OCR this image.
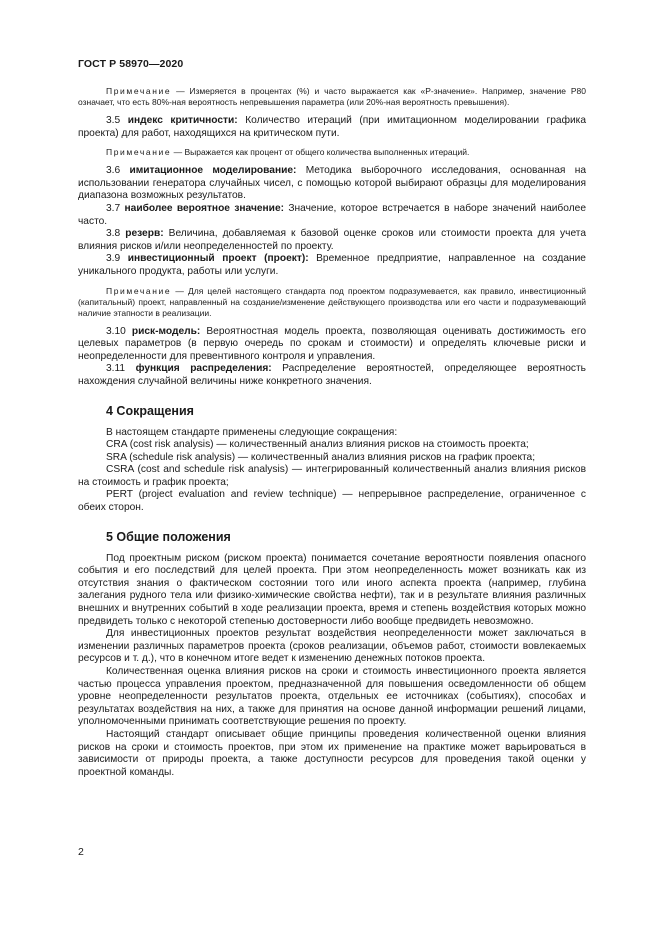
ГОСТ Р 58970—2020

Примечание — Измеряется в процентах (%) и часто выражается как «Р-значение». Например, значение Р80 означает, что есть 80%-ная вероятность непревышения параметра (или 20%-ная вероятность превышения).

3.5 индекс критичности: Количество итераций (при имитационном моделировании графика проекта) для работ, находящихся на критическом пути.

Примечание — Выражается как процент от общего количества выполненных итераций.

3.6 имитационное моделирование: Методика выборочного исследования, основанная на использовании генератора случайных чисел, с помощью которой выбирают образцы для моделирования диапазона возможных результатов.

3.7 наиболее вероятное значение: Значение, которое встречается в наборе значений наиболее часто.

3.8 резерв: Величина, добавляемая к базовой оценке сроков или стоимости проекта для учета влияния рисков и/или неопределенностей по проекту.

3.9 инвестиционный проект (проект): Временное предприятие, направленное на создание уникального продукта, работы или услуги.

Примечание — Для целей настоящего стандарта под проектом подразумевается, как правило, инвестиционный (капитальный) проект, направленный на создание/изменение действующего производства или его части и подразумевающий наличие этапности в реализации.

3.10 риск-модель: Вероятностная модель проекта, позволяющая оценивать достижимость его целевых параметров (в первую очередь по срокам и стоимости) и определять ключевые риски и неопределенности для превентивного контроля и управления.

3.11 функция распределения: Распределение вероятностей, определяющее вероятность нахождения случайной величины ниже конкретного значения.

4 Сокращения

В настоящем стандарте применены следующие сокращения:

CRA (cost risk analysis) — количественный анализ влияния рисков на стоимость проекта;

SRA (schedule risk analysis) — количественный анализ влияния рисков на график проекта;

CSRA (cost and schedule risk analysis) — интегрированный количественный анализ влияния рисков на стоимость и график проекта;

PERT (project evaluation and review technique) — непрерывное распределение, ограниченное с обеих сторон.

5 Общие положения

Под проектным риском (риском проекта) понимается сочетание вероятности появления опасного события и его последствий для целей проекта. При этом неопределенность может возникать как из отсутствия знания о фактическом состоянии того или иного аспекта проекта (например, глубина залегания рудного тела или физико-химические свойства нефти), так и в результате влияния различных внешних и внутренних событий в ходе реализации проекта, время и степень воздействия которых можно предвидеть только с некоторой степенью достоверности либо вообще предвидеть невозможно.

Для инвестиционных проектов результат воздействия неопределенности может заключаться в изменении различных параметров проекта (сроков реализации, объемов работ, стоимости вовлекаемых ресурсов и т. д.), что в конечном итоге ведет к изменению денежных потоков проекта.

Количественная оценка влияния рисков на сроки и стоимость инвестиционного проекта является частью процесса управления проектом, предназначенной для повышения осведомленности об общем уровне неопределенности результатов проекта, отдельных ее источниках (событиях), способах и результатах воздействия на них, а также для принятия на основе данной информации решений лицами, уполномоченными принимать соответствующие решения по проекту.

Настоящий стандарт описывает общие принципы проведения количественной оценки влияния рисков на сроки и стоимость проектов, при этом их применение на практике может варьироваться в зависимости от природы проекта, а также доступности ресурсов для проведения такой оценки у проектной команды.

2
